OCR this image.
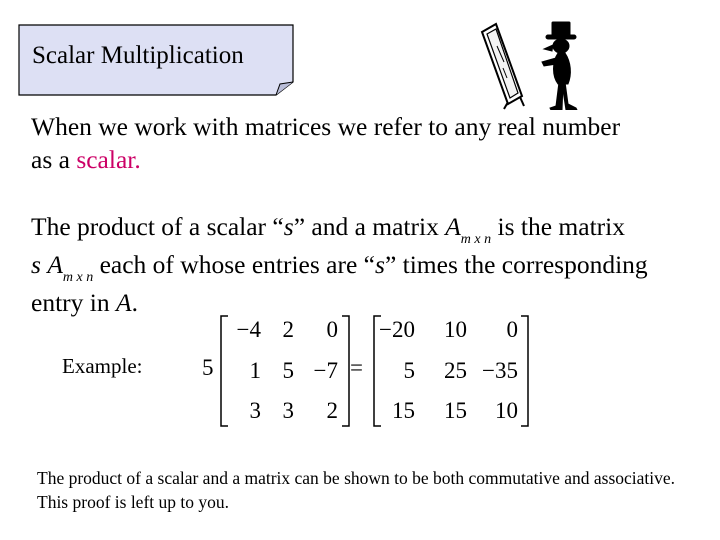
Scalar Multiplication
When we work with matrices we refer to any real number
as a scalar.
The product of a scalar “s” and a matrix $A_{m x n}$ is the matrix
s $A_{m x n}$ each of whose entries are “s” times the corresponding
entry in A.
Example:	5
−4 2 0
1 5 −7
3 3 2
=
−20 10 0
5 25 −35
15 15 10
The product of a scalar and a matrix can be shown to be both commutative and associative. This proof is left up to you.
